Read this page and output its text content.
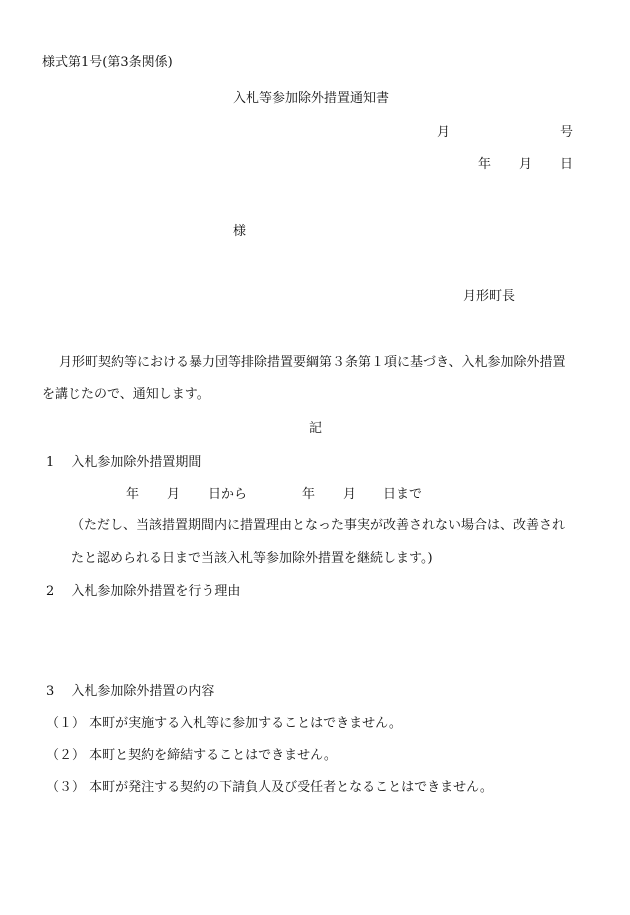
様式第1号(第3条関係)
入札等参加除外措置通知書
月	号
年 月 日
様
月形町長
月形町契約等における暴力団等排除措置要綱第３条第１項に基づき、入札参加除外措置
を講じたので、通知します。
記
1　 入札参加除外措置期間
年 月 日から	年 月 日まで
（ただし、当該措置期間内に措置理由となった事実が改善されない場合は、改善され
たと認められる日まで当該入札等参加除外措置を継続します。)
2　 入札参加除外措置を行う理由
3　 入札参加除外措置の内容
（１） 本町が実施する入札等に参加することはできません。
（２） 本町と契約を締結することはできません。
（３） 本町が発注する契約の下請負人及び受任者となることはできません。
